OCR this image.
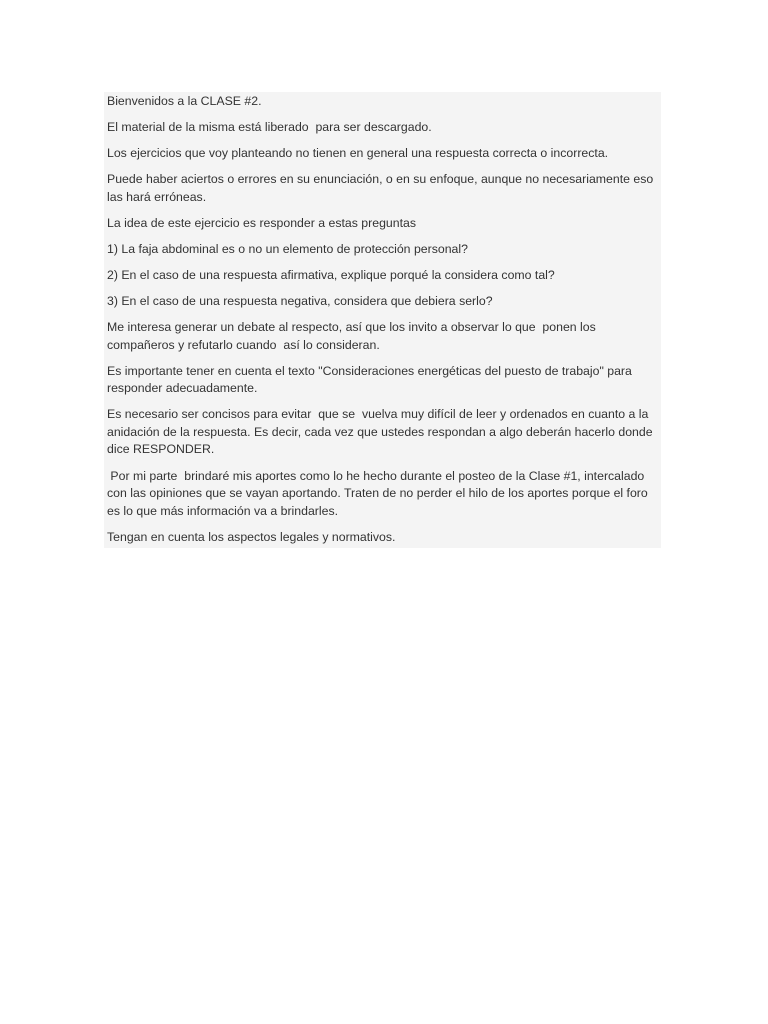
Bienvenidos a la CLASE #2.

El material de la misma está liberado  para ser descargado.

Los ejercicios que voy planteando no tienen en general una respuesta correcta o incorrecta.

Puede haber aciertos o errores en su enunciación, o en su enfoque, aunque no necesariamente eso las hará erróneas.

La idea de este ejercicio es responder a estas preguntas

1) La faja abdominal es o no un elemento de protección personal?

2) En el caso de una respuesta afirmativa, explique porqué la considera como tal?

3) En el caso de una respuesta negativa, considera que debiera serlo?

Me interesa generar un debate al respecto, así que los invito a observar lo que  ponen los compañeros y refutarlo cuando  así lo consideran.

Es importante tener en cuenta el texto "Consideraciones energéticas del puesto de trabajo" para responder adecuadamente.

Es necesario ser concisos para evitar  que se  vuelva muy difícil de leer y ordenados en cuanto a la anidación de la respuesta. Es decir, cada vez que ustedes respondan a algo deberán hacerlo donde dice RESPONDER.

Por mi parte  brindaré mis aportes como lo he hecho durante el posteo de la Clase #1, intercalado con las opiniones que se vayan aportando. Traten de no perder el hilo de los aportes porque el foro es lo que más información va a brindarles.

Tengan en cuenta los aspectos legales y normativos.
